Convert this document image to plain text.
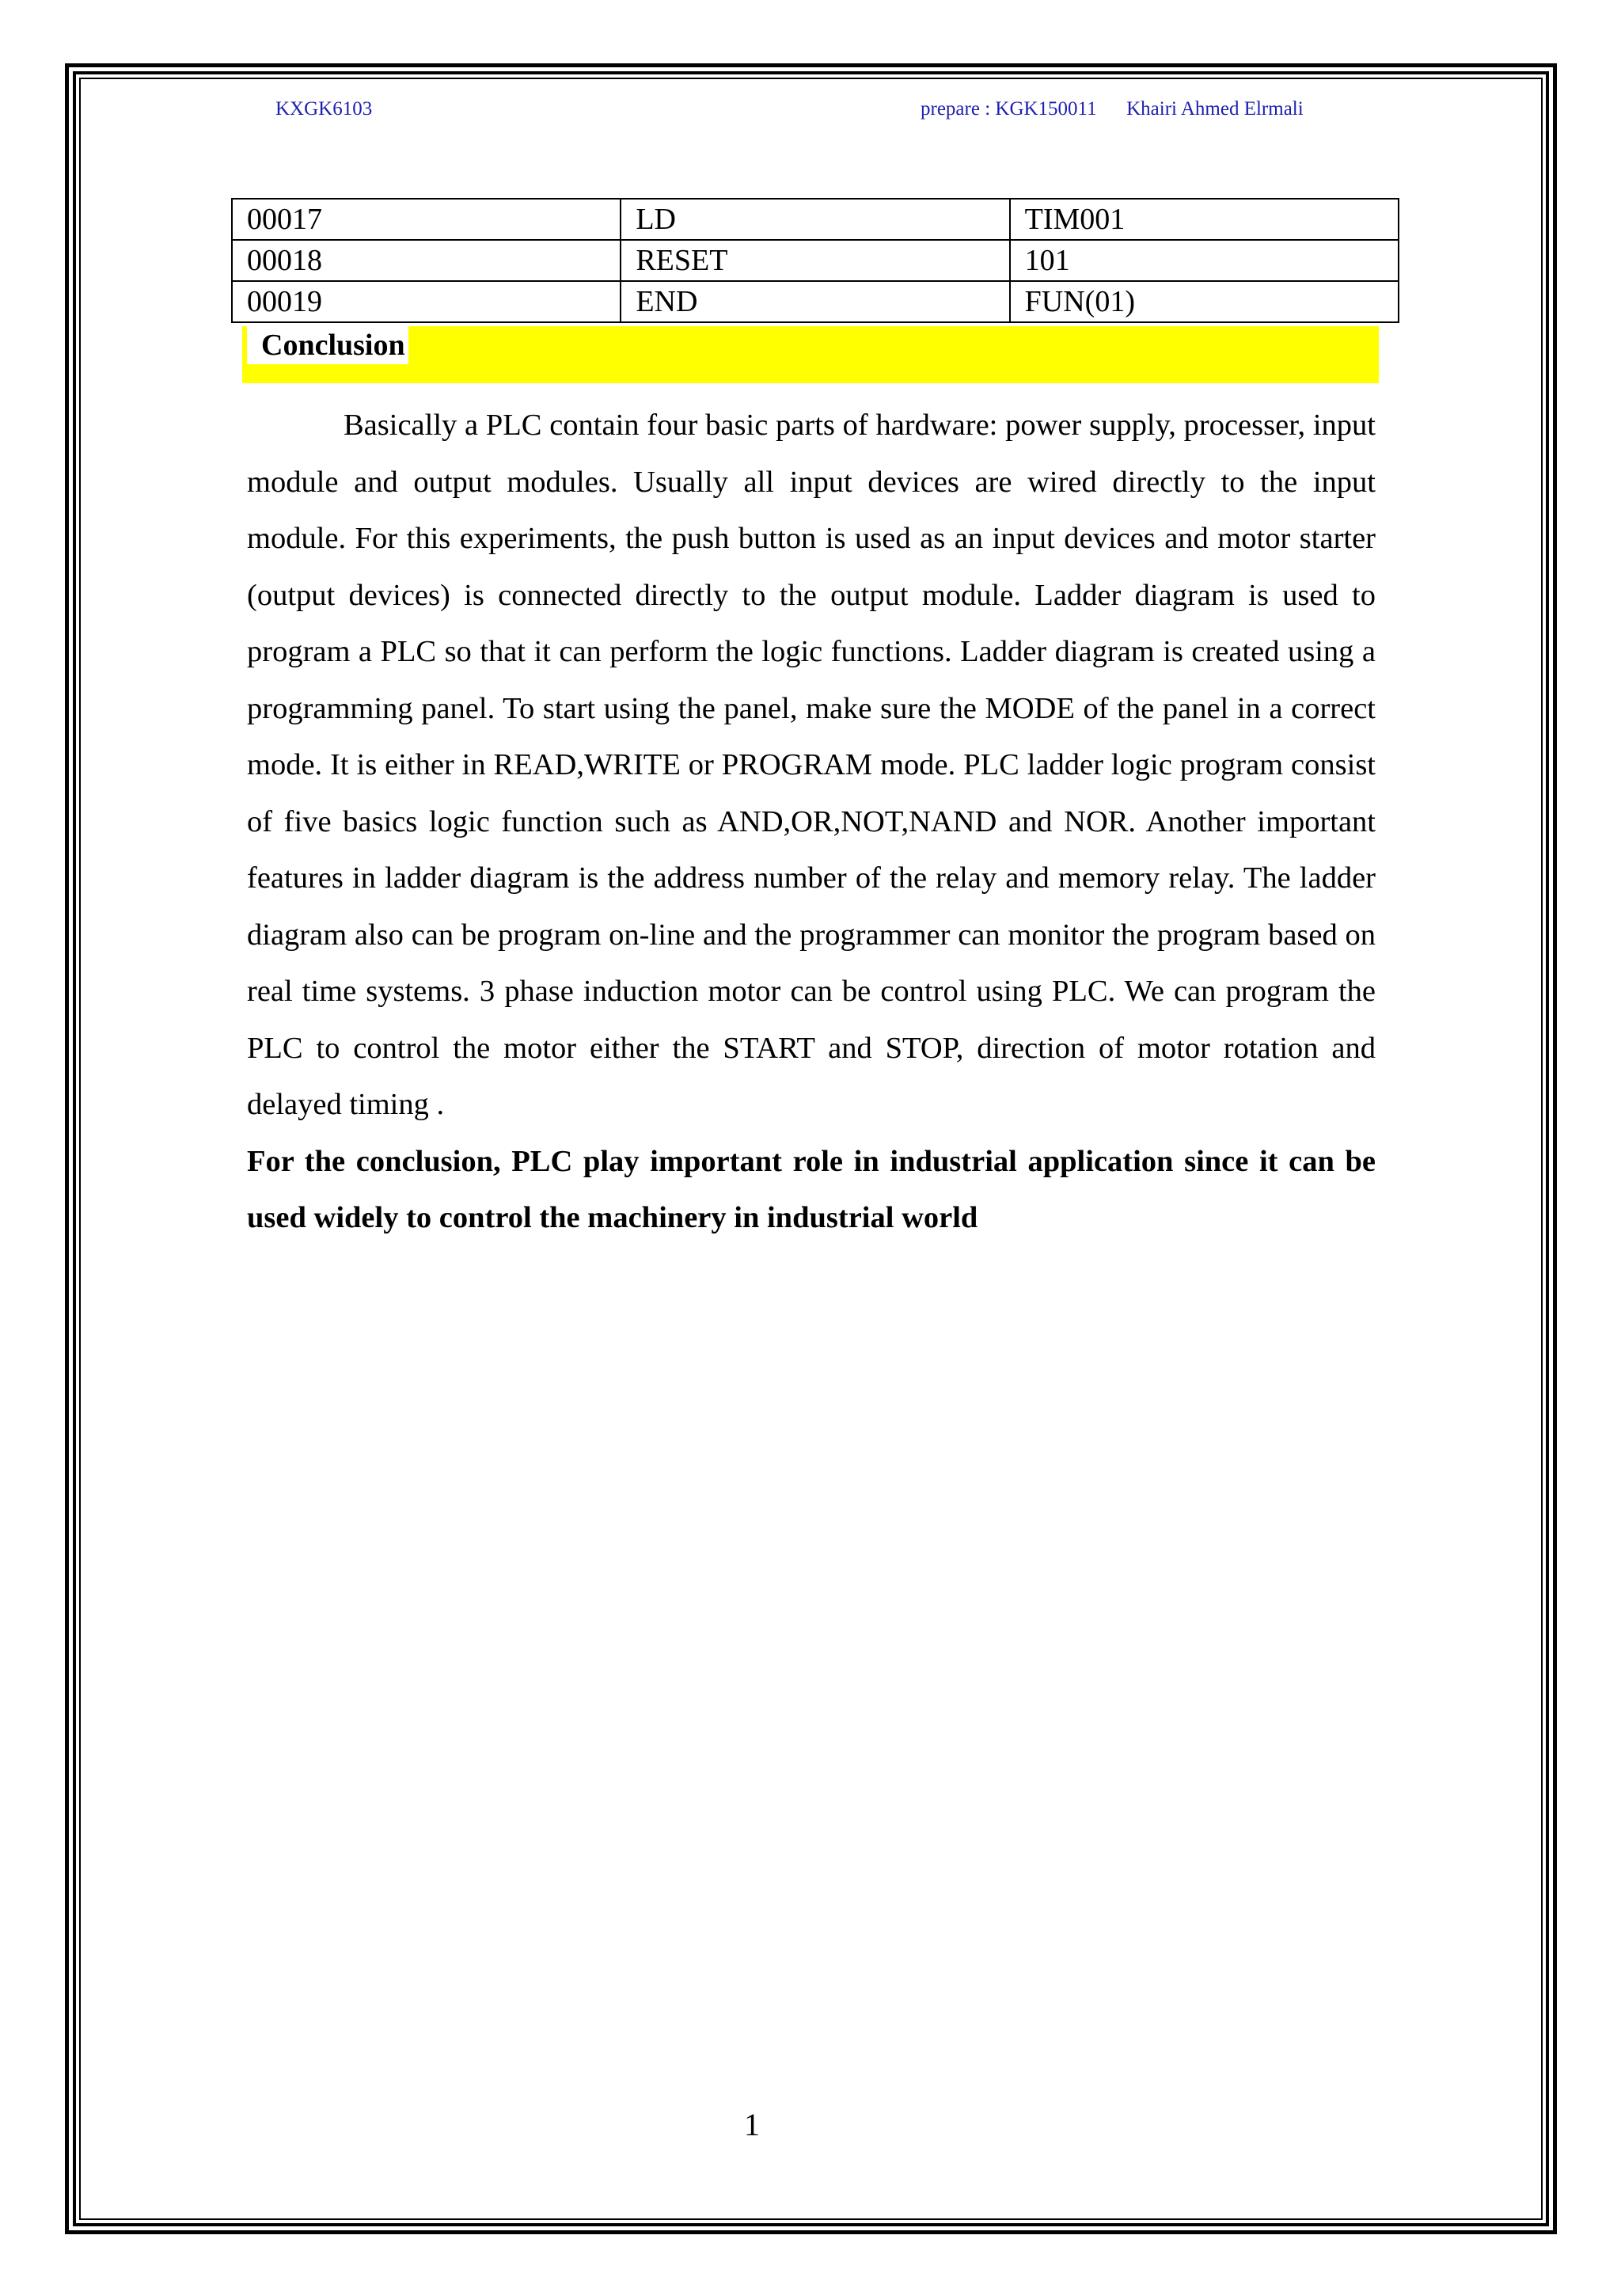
KXGK6103	prepare : KGK150011      Khairi Ahmed Elrmali
00017	LD	TIM001
00018	RESET	101
00019	END	FUN(01)
Conclusion

Basically a PLC contain four basic parts of hardware: power supply, processer, input module and output modules. Usually all input devices are wired directly to the input module. For this experiments, the push button is used as an input devices and motor starter (output devices) is connected directly to the output module. Ladder diagram is used to program a PLC so that it can perform the logic functions. Ladder diagram is created using a programming panel. To start using the panel, make sure the MODE of the panel in a correct mode. It is either in READ,WRITE or PROGRAM mode. PLC ladder logic program consist of five basics logic function such as AND,OR,NOT,NAND and NOR. Another important features in ladder diagram is the address number of the relay and memory relay. The ladder diagram also can be program on-line and the programmer can monitor the program based on real time systems. 3 phase induction motor can be control using PLC. We can program the PLC to control the motor either the START and STOP, direction of motor rotation and delayed timing .

For the conclusion, PLC play important role in industrial application since it can be used widely to control the machinery in industrial world

1
